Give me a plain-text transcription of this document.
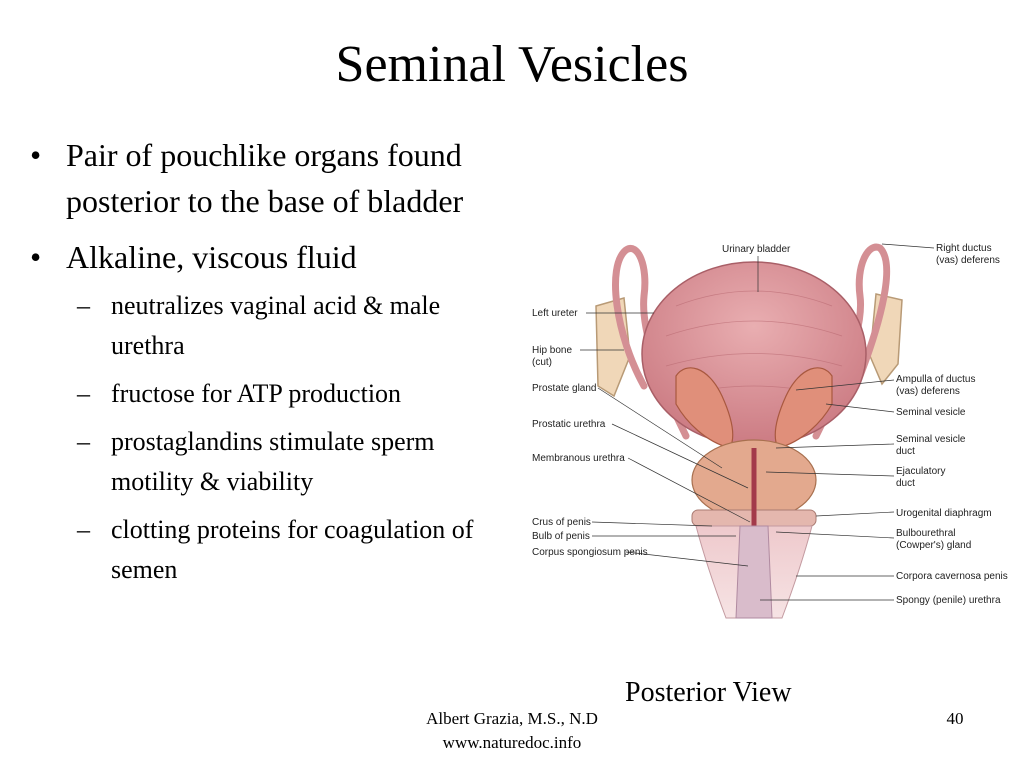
Seminal Vesicles
• Pair of pouchlike organs found posterior to the base of bladder
• Alkaline, viscous fluid
– neutralizes vaginal acid & male urethra
– fructose for ATP production
– prostaglandins stimulate sperm motility & viability
– clotting proteins for coagulation of semen
Left ureter
Hip bone
(cut)
Prostate gland
Prostatic urethra
Membranous urethra
Crus of penis
Bulb of penis
Corpus spongiosum penis
Urinary bladder	Right ductus
(vas) deferens
Ampulla of ductus
(vas) deferens
Seminal vesicle
Seminal vesicle
duct
Ejaculatory
duct
Urogenital diaphragm
Bulbourethral
(Cowper's) gland
Corpora cavernosa penis
Spongy (penile) urethra
Posterior View
Albert Grazia, M.S., N.D
www.naturedoc.info
40
